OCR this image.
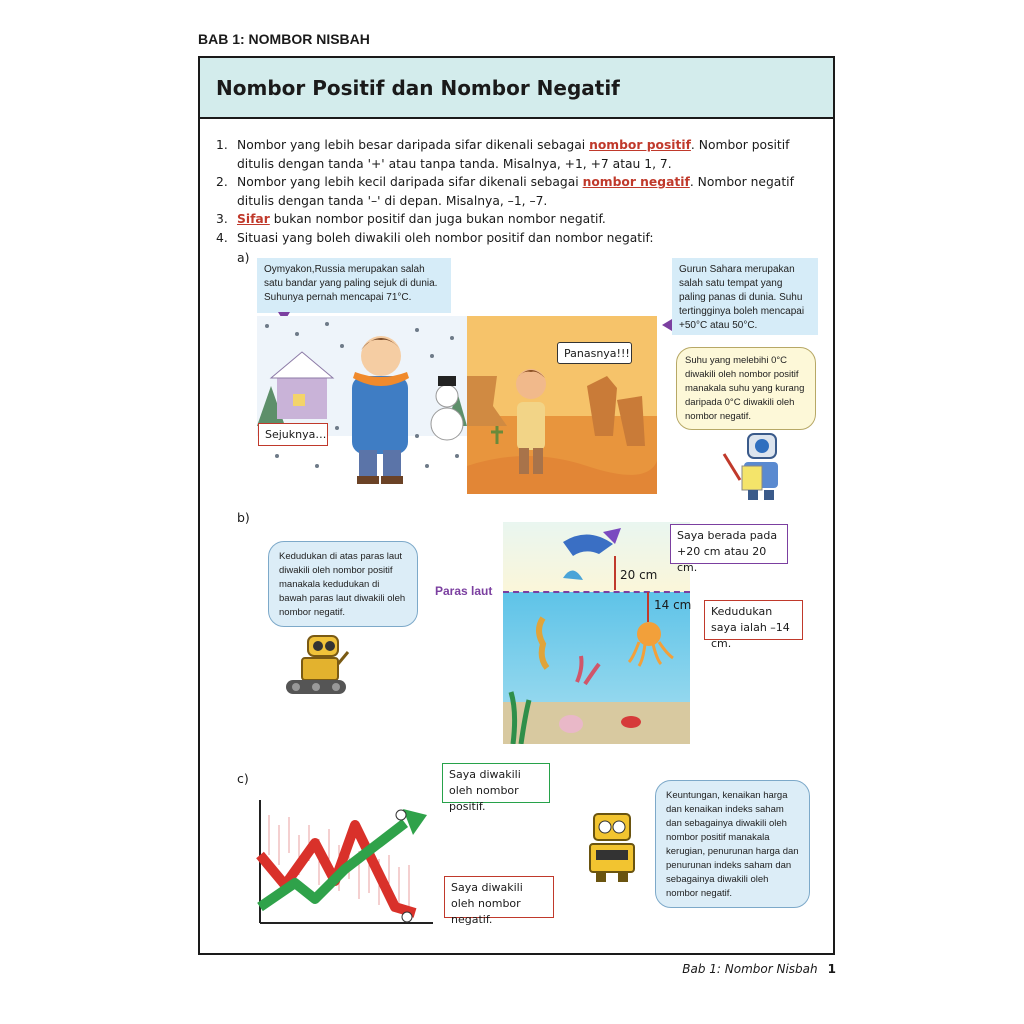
BAB 1: NOMBOR NISBAH
Nombor Positif dan Nombor Negatif
1. Nombor yang lebih besar daripada sifar dikenali sebagai nombor positif. Nombor positif ditulis dengan tanda '+' atau tanpa tanda. Misalnya, +1, +7 atau 1, 7.
2. Nombor yang lebih kecil daripada sifar dikenali sebagai nombor negatif. Nombor negatif ditulis dengan tanda '–' di depan. Misalnya, –1, –7.
3. Sifar bukan nombor positif dan juga bukan nombor negatif.
4. Situasi yang boleh diwakili oleh nombor positif dan nombor negatif:
a)
Oymyakon,Russia merupakan salah satu bandar yang paling sejuk di dunia. Suhunya pernah mencapai 71°C.
Gurun Sahara merupakan salah satu tempat yang paling panas di dunia. Suhu tertingginya boleh mencapai +50°C atau 50°C.
Sejuknya…
Panasnya!!!
Suhu yang melebihi 0°C diwakili oleh nombor positif manakala suhu yang kurang daripada 0°C diwakili oleh nombor negatif.
b)
Kedudukan di atas paras laut diwakili oleh nombor positif manakala kedudukan di bawah paras laut diwakili oleh nombor negatif.
Paras laut
20 cm
14 cm
Saya berada pada +20 cm atau 20 cm.
Kedudukan saya ialah –14 cm.
c)	Saya diwakili oleh nombor positif.
Saya diwakili oleh nombor negatif.
Keuntungan, kenaikan harga dan kenaikan indeks saham dan sebagainya diwakili oleh nombor positif manakala kerugian, penurunan harga dan penurunan indeks saham dan sebagainya diwakili oleh nombor negatif.
Bab 1: Nombor Nisbah 1
